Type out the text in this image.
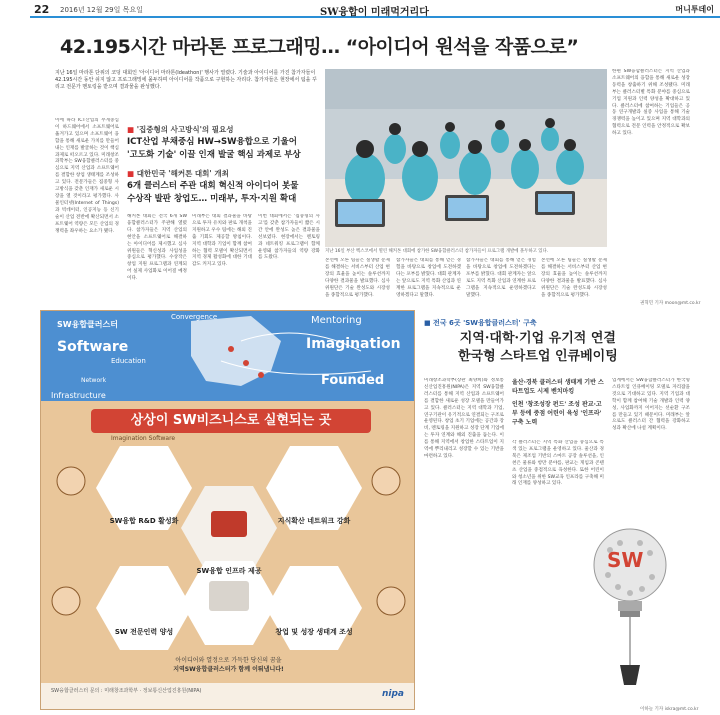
22 2016년 12월 29일 목요일	SW융합이 미래먹거리다	머니투데이
42.195시간 마라톤 프로그래밍… “아이디어 원석을 작품으로”
지난 16일 마라톤 단위의 코딩 대회인 '아이디어 마라톤(Ideathon)' 행사가 열렸다. 기술과 아이디어를 가진 참가자들이 42.195시간 동안 쉬지 않고 프로그래밍에 몰두하며 아이디어를 작품으로 구현하는 자리다. 참가자들은 현장에서 팀을 꾸리고 전문가 멘토링을 받으며 결과물을 완성했다.
이에 따라 ICT산업의 무게중심이 하드웨어에서 소프트웨어로 옮겨가고 있으며 소프트웨어 융합을 통해 새로운 가치를 만들어내는 인재를 발굴하는 것이 핵심 과제로 떠오르고 있다. 미래창조과학부는 SW융합클러스터를 중심으로 지역 산업과 소프트웨어를 결합한 창업 생태계를 조성하고 있다. 전문가들은 집중형 사고방식을 갖춘 인재가 새로운 시장을 열 것이라고 평가했다. 사물인터넷(Internet of Things)과 빅데이터, 인공지능 등 신기술이 산업 전반에 확산되면서 소프트웨어 역량은 모든 산업의 경쟁력을 좌우하는 요소가 됐다.
■ '집중형의 사고방식'의 필요성
ICT산업 부채중심 HW→SW융합으로 기울어
'고도화 기술' 이끌 인재 발굴 핵심 과제로 부상
■ 대한민국 '해커톤 대회' 개최
6개 클러스터 주관 대회 혁신적 아이디어 봇물
수상작 발판 창업도… 미래부, 투자·지원 확대
해커톤 대회는 전국 6개 SW융합클러스터가 주관해 열렸다. 참가자들은 지역 산업의 현안을 소프트웨어로 해결하는 아이디어를 제시했고 심사위원들은 혁신성과 사업성을 중심으로 평가했다. 수상작은 창업 지원 프로그램과 연계되어 실제 사업화로 이어질 예정이다.
미래부는 대회 결과물을 바탕으로 투자 유치와 판로 개척을 지원하고 우수 팀에는 해외 진출 기회도 제공할 방침이다. 지역 대학과 기업이 함께 참여하는 협력 모델이 확산되면서 지역 경제 활성화에 대한 기대감도 커지고 있다.
이번 대회에서는 '집중형의 사고'를 갖춘 참가자들이 짧은 시간 안에 완성도 높은 결과물을 선보였다. 현장에서는 멘토링과 네트워킹 프로그램이 함께 운영돼 참가자들의 역량 강화를 도왔다.
지난 16일 부산 벡스코에서 열린 해커톤 대회에 참가한 SW융합클러스터 참가자들이 프로그램 개발에 몰두하고 있다.
본선에 오른 팀들은 실생활 문제를 해결하는 서비스부터 산업 현장의 효율을 높이는 솔루션까지 다양한 결과물을 발표했다. 심사위원단은 기술 완성도와 시장성을 종합적으로 평가했다.
참가자들은 대회를 통해 얻은 경험을 바탕으로 창업에 도전하겠다는 포부를 밝혔다. 대회 관계자는 앞으로도 지역 특화 산업과 연계한 프로그램을 지속적으로 운영하겠다고 말했다.
참가자들은 대회를 통해 얻은 경험을 바탕으로 창업에 도전하겠다는 포부를 밝혔다. 대회 관계자는 앞으로도 지역 특화 산업과 연계한 프로그램을 지속적으로 운영하겠다고 말했다.
본선에 오른 팀들은 실생활 문제를 해결하는 서비스부터 산업 현장의 효율을 높이는 솔루션까지 다양한 결과물을 발표했다. 심사위원단은 기술 완성도와 시장성을 종합적으로 평가했다.
한편 SW융합클러스터는 지역 산업과 소프트웨어의 융합을 통해 새로운 성장 동력을 창출하기 위해 조성됐다. 미래부는 클러스터별 특화 분야를 중심으로 기업 지원과 인력 양성을 확대하고 있다. 클러스터에 참여하는 기업들은 공동 연구개발과 실증 사업을 통해 기술 경쟁력을 높이고 있으며 지역 대학과의 협력으로 전문 인력을 안정적으로 확보하고 있다.
권혁민 기자 moon@mt.co.kr
SW융합클러스터
Convergence	Mentoring
Software	Imagination
Education
Network	Founded
Infrastructure
상상이 SW비즈니스로 실현되는 곳
Imagination Software
SW융합 R&D 활성화	지식확산 네트워크 강화
SW융합 인프라 제공
SW 전문인력 양성	창업 및 성장 생태계 조성
아이디어와 열정으로 가득한 당신의 꿈을
지역SW융합클러스터가 함께 이뤄냅니다!
SW융합클러스터 문의 : 미래창조과학부 · 정보통신산업진흥원(NIPA)	nipa
■ 전국 6곳 'SW융합클러스터' 구축
지역·대학·기업 유기적 연결
한국형 스타트업 인큐베이팅
미래창조과학부(장관 최양희)와 정보통신산업진흥원(NIPA)은 지역 SW융합클러스터를 통해 지역 산업과 소프트웨어를 결합한 새로운 성장 모델을 만들어가고 있다. 클러스터는 지역 대학과 기업, 연구기관이 유기적으로 연결되는 구조로 운영된다. 창업 초기 기업에는 공간과 장비, 멘토링을 지원하고 성장 단계 기업에는 투자 연계와 해외 진출을 돕는다. 이를 통해 지역에서 창업한 스타트업이 지역에 뿌리내리고 성장할 수 있는 기반을 마련하고 있다.
울산·경북 클러스터 생태계 기반 스타트업도 시제 벤치마킹
인천 '창조성장 펀드' 조성 판교·고부 등에 중점 어린이 육성 '인프라' 구축 노력
각 클러스터는 지역 특화 산업을 중심으로 특색 있는 프로그램을 운영하고 있다. 울산과 경북은 제조업 기반의 스마트 공장 솔루션을, 인천은 물류와 항만 분야를, 판교는 게임과 콘텐츠 산업을 중점적으로 육성한다. 또한 어린이와 청소년을 위한 SW교육 인프라를 구축해 미래 인재를 양성하고 있다.
업계에서는 SW융합클러스터가 한국형 스타트업 인큐베이팅 모델로 자리잡을 것으로 기대하고 있다. 지역 기업과 대학이 함께 참여해 기술 개발과 인력 양성, 사업화까지 이어지는 선순환 구조를 만들고 있기 때문이다. 미래부는 앞으로도 클러스터 간 협력을 강화하고 성과 확산에 나설 계획이다.
SW
이하늘 기자 iskra@mt.co.kr
